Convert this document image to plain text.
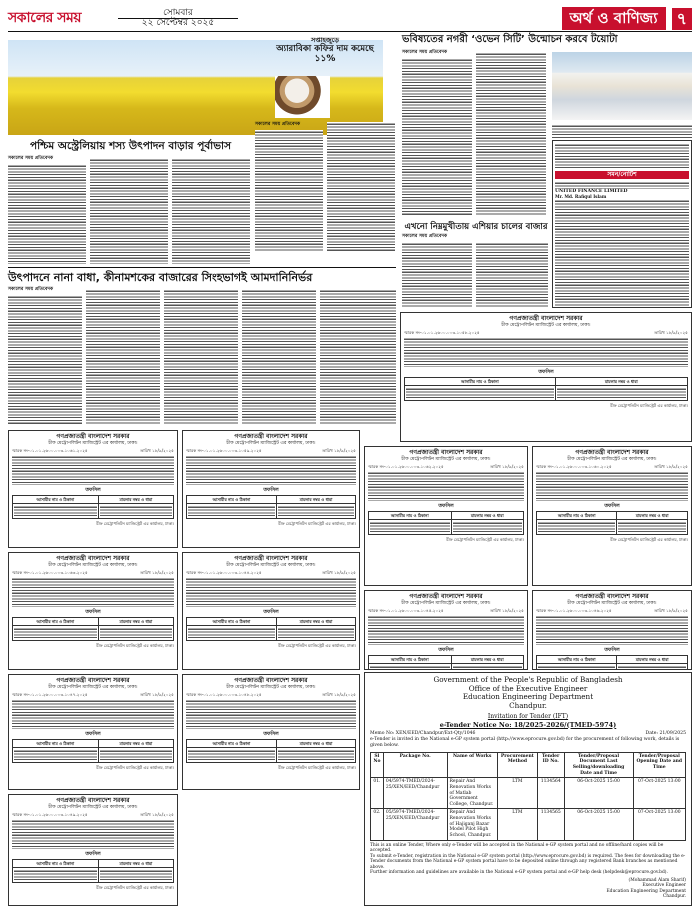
সকালের সময়	সোমবার
২২ সেপ্টেম্বর ২০২৫	অর্থ ও বাণিজ্য	৭
সপ্তাহজুড়ে
অ্যারাবিকা কফির দাম কমেছে
১১%
সকালের সময় প্রতিবেদক
পশ্চিম অস্ট্রেলিয়ায় শস্য উৎপাদন বাড়ার পূর্বাভাস
সকালের সময় প্রতিবেদক
ভবিষ্যতের নগরী ‘ওভেন সিটি’ উন্মোচন করবে টয়োটা
সকালের সময় প্রতিবেদক
সমন/নোটিশ
UNITED FINANCE LIMITED
Mr. Md. Rafiqul Islam
এখনো নিম্নমুখীতায় এশিয়ার চালের বাজার
সকালের সময় প্রতিবেদক
উৎপাদনে নানা বাধা, কীনামশকের বাজারের সিংহভাগই আমদানিনির্ভর
সকালের সময় প্রতিবেদক
গণপ্রজাতন্ত্রী বাংলাদেশ সরকার
চীফ মেট্রোপলিটন ম্যাজিস্ট্রেট এর কার্যালয়, ঢাকা।
স্মারক নং-০১.০১.২৬০০.০০৩.১০৫৮.২০২৫	তারিখ ১৮/৯/২০২৫
তফসিল
আসামীর নাম ও ঠিকানা	মামলার নম্বর ও ধারা

চীফ মেট্রোপলিটন ম্যাজিস্ট্রেট এর কার্যালয়, ঢাকা।
গণপ্রজাতন্ত্রী বাংলাদেশ সরকার
চীফ মেট্রোপলিটন ম্যাজিস্ট্রেট এর কার্যালয়, ঢাকা।
স্মারক নং-০১.০১.২৬০০.০০৩.১০৬১.২০২৫	তারিখ ১৮/৯/২০২৫
তফসিল
আসামীর নাম ও ঠিকানা	মামলার নম্বর ও ধারা

চীফ মেট্রোপলিটন ম্যাজিস্ট্রেট এর কার্যালয়, ঢাকা।
গণপ্রজাতন্ত্রী বাংলাদেশ সরকার
চীফ মেট্রোপলিটন ম্যাজিস্ট্রেট এর কার্যালয়, ঢাকা।
স্মারক নং-০১.০১.২৬০০.০০৩.১০৫৯.২০২৫	তারিখ ১৮/৯/২০২৫
তফসিল
আসামীর নাম ও ঠিকানা	মামলার নম্বর ও ধারা

চীফ মেট্রোপলিটন ম্যাজিস্ট্রেট এর কার্যালয়, ঢাকা।
গণপ্রজাতন্ত্রী বাংলাদেশ সরকার
চীফ মেট্রোপলিটন ম্যাজিস্ট্রেট এর কার্যালয়, ঢাকা।
স্মারক নং-০১.০১.২৬০০.০০৩.১০৬২.২০২৫	তারিখ ১৮/৯/২০২৫
তফসিল
আসামীর নাম ও ঠিকানা	মামলার নম্বর ও ধারা

চীফ মেট্রোপলিটন ম্যাজিস্ট্রেট এর কার্যালয়, ঢাকা।
গণপ্রজাতন্ত্রী বাংলাদেশ সরকার
চীফ মেট্রোপলিটন ম্যাজিস্ট্রেট এর কার্যালয়, ঢাকা।
স্মারক নং-০১.০১.২৬০০.০০৩.১০৬০.২০২৫	তারিখ ১৮/৯/২০২৫
তফসিল
আসামীর নাম ও ঠিকানা	মামলার নম্বর ও ধারা

চীফ মেট্রোপলিটন ম্যাজিস্ট্রেট এর কার্যালয়, ঢাকা।
গণপ্রজাতন্ত্রী বাংলাদেশ সরকার
চীফ মেট্রোপলিটন ম্যাজিস্ট্রেট এর কার্যালয়, ঢাকা।
স্মারক নং-০১.০১.২৬০০.০০৩.১০৬৩.২০২৫	তারিখ ১৮/৯/২০২৫
তফসিল
আসামীর নাম ও ঠিকানা	মামলার নম্বর ও ধারা

চীফ মেট্রোপলিটন ম্যাজিস্ট্রেট এর কার্যালয়, ঢাকা।
গণপ্রজাতন্ত্রী বাংলাদেশ সরকার
চীফ মেট্রোপলিটন ম্যাজিস্ট্রেট এর কার্যালয়, ঢাকা।
স্মারক নং-০১.০১.২৬০০.০০৩.১০৪৪.২০২৫	তারিখ ১৮/৯/২০২৫
তফসিল
আসামীর নাম ও ঠিকানা	মামলার নম্বর ও ধারা

চীফ মেট্রোপলিটন ম্যাজিস্ট্রেট এর কার্যালয়, ঢাকা।
গণপ্রজাতন্ত্রী বাংলাদেশ সরকার
চীফ মেট্রোপলিটন ম্যাজিস্ট্রেট এর কার্যালয়, ঢাকা।
স্মারক নং-০১.০১.২৬০০.০০৩.১০৪৫.২০২৫	তারিখ ১৮/৯/২০২৫
তফসিল
আসামীর নাম ও ঠিকানা	মামলার নম্বর ও ধারা

গণপ্রজাতন্ত্রী বাংলাদেশ সরকার
চীফ মেট্রোপলিটন ম্যাজিস্ট্রেট এর কার্যালয়, ঢাকা।
স্মারক নং-০১.০১.২৬০০.০০৩.১০৪৬.২০২৫	তারিখ ১৮/৯/২০২৫
তফসিল
আসামীর নাম ও ঠিকানা	মামলার নম্বর ও ধারা

গণপ্রজাতন্ত্রী বাংলাদেশ সরকার
চীফ মেট্রোপলিটন ম্যাজিস্ট্রেট এর কার্যালয়, ঢাকা।
স্মারক নং-০১.০১.২৬০০.০০৩.১০৪৭.২০২৫	তারিখ ১৮/৯/২০২৫
তফসিল
আসামীর নাম ও ঠিকানা	মামলার নম্বর ও ধারা

চীফ মেট্রোপলিটন ম্যাজিস্ট্রেট এর কার্যালয়, ঢাকা।
গণপ্রজাতন্ত্রী বাংলাদেশ সরকার
চীফ মেট্রোপলিটন ম্যাজিস্ট্রেট এর কার্যালয়, ঢাকা।
স্মারক নং-০১.০১.২৬০০.০০৩.১০৪৮.২০২৫	তারিখ ১৮/৯/২০২৫
তফসিল
আসামীর নাম ও ঠিকানা	মামলার নম্বর ও ধারা

চীফ মেট্রোপলিটন ম্যাজিস্ট্রেট এর কার্যালয়, ঢাকা।
গণপ্রজাতন্ত্রী বাংলাদেশ সরকার
চীফ মেট্রোপলিটন ম্যাজিস্ট্রেট এর কার্যালয়, ঢাকা।
স্মারক নং-০১.০১.২৬০০.০০৩.১০৪৯.২০২৫	তারিখ ১৮/৯/২০২৫
তফসিল
আসামীর নাম ও ঠিকানা	মামলার নম্বর ও ধারা

চীফ মেট্রোপলিটন ম্যাজিস্ট্রেট এর কার্যালয়, ঢাকা।
Government of the People's Republic of Bangladesh
Office of the Executive Engineer
Education Engineering Department
Chandpur.
Invitation for Tender (IFT)
e-Tender Notice No: 18/2025-2026/(TMED-5974)
Memo No: XEN/EED/Chandpur/Ext-Qty/1046	Date: 21/09/2025
e-Tender is invited in the National e-GP system portal (http://www.eprocure.gov.bd) for the procurement of following work, details is given below.
Sl No	Package No.	Name of Works	Procurement Method	Tender ID No.	Tender/Proposal Document Last Selling/downloading Date and Time	Tender/Proposal Opening Date and Time
01.	04/5974-TMED/2024-25/XEN/EED/Chandpur	Repair And Renovation Works of Matlab Government College, Chandpur.	LTM	1134564	06-Oct-2025 15:00	07-Oct-2025 13:00
02.	05/5974-TMED/2024-25/XEN/EED/Chandpur	Repair And Renovation Works of Hajiganj Bazar Model Pilot High School, Chandpur.	LTM	1134565	06-Oct-2025 15:00	07-Oct-2025 13:00
This is an online Tender, Where only e-Tender will be accepted in the National e-GP system portal and no offline/hard copies will be accepted.
To submit e-Tender, registration in the National e-GP system portal (http://www.eprocure.gov.bd) is required. The fees for downloading the e-Tender documents from the National e-GP system portal have to be deposited online through any registered Bank branches as mentioned above.
Further information and guidelines are available in the National e-GP system portal and e-GP help desk (helpdesk@eprocure.gov.bd).
(Mohammad Alam Sharif)
Executive Engineer
Education Engineering Department
Chandpur.
